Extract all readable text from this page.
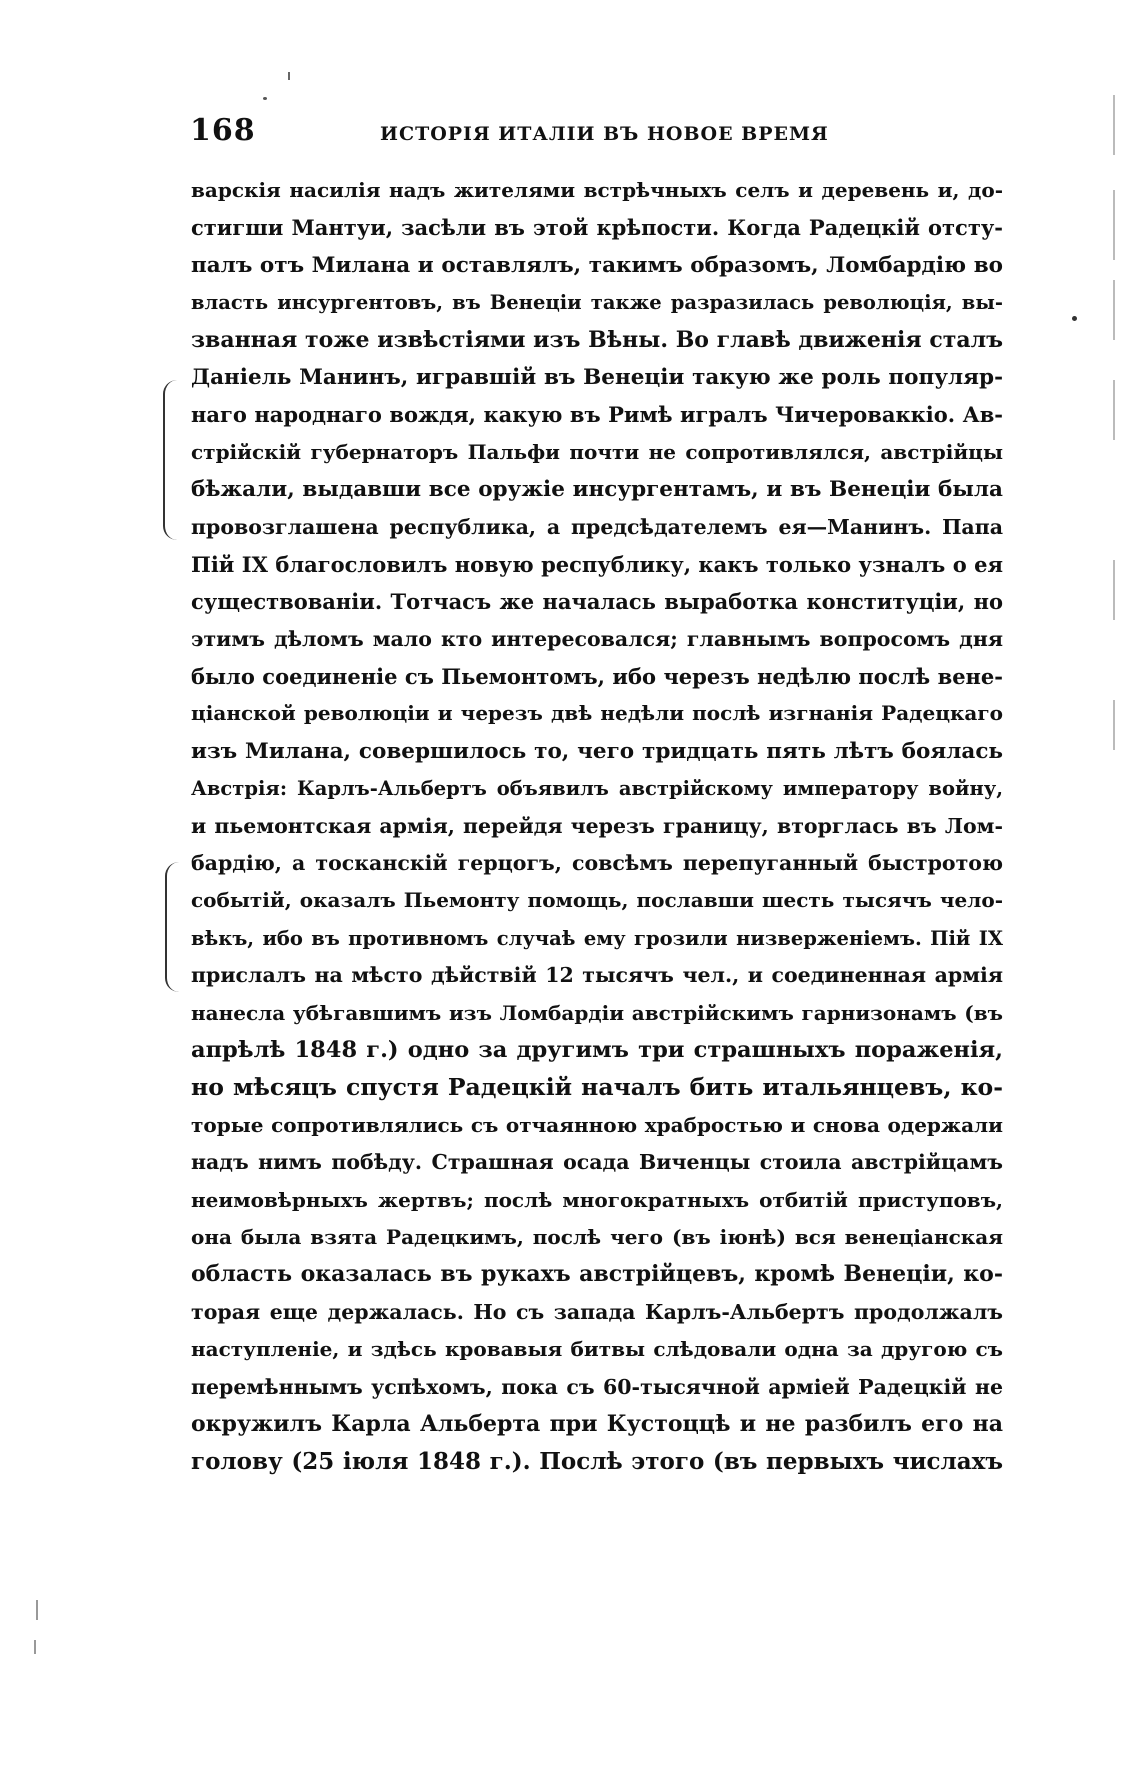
168	ИСТОРІЯ ИТАЛІИ ВЪ НОВОЕ ВРЕМЯ
варскія насилія надъ жителями встрѣчныхъ селъ и деревень и, до-
стигши Мантуи, засѣли въ этой крѣпости. Когда Радецкій отсту-
палъ отъ Милана и оставлялъ, такимъ образомъ, Ломбардію во
власть инсургентовъ, въ Венеціи также разразилась революція, вы-
званная тоже извѣстіями изъ Вѣны. Во главѣ движенія сталъ
Даніель Манинъ, игравшій въ Венеціи такую же роль популяр-
наго народнаго вождя, какую въ Римѣ игралъ Чичероваккіо. Ав-
стрійскій губернаторъ Пальфи почти не сопротивлялся, австрійцы
бѣжали, выдавши все оружіе инсургентамъ, и въ Венеціи была
провозглашена республика, а предсѣдателемъ ея—Манинъ. Папа
Пій IX благословилъ новую республику, какъ только узналъ о ея
существованіи. Тотчасъ же началась выработка конституціи, но
этимъ дѣломъ мало кто интересовался; главнымъ вопросомъ дня
было соединеніе съ Пьемонтомъ, ибо черезъ недѣлю послѣ вене-
ціанской революціи и черезъ двѣ недѣли послѣ изгнанія Радецкаго
изъ Милана, совершилось то, чего тридцать пять лѣтъ боялась
Австрія: Карлъ-Альбертъ объявилъ австрійскому императору войну,
и пьемонтская армія, перейдя черезъ границу, вторглась въ Лом-
бардію, а тосканскій герцогъ, совсѣмъ перепуганный быстротою
событій, оказалъ Пьемонту помощь, пославши шесть тысячъ чело-
вѣкъ, ибо въ противномъ случаѣ ему грозили низверженіемъ. Пій IX
прислалъ на мѣсто дѣйствій 12 тысячъ чел., и соединенная армія
нанесла убѣгавшимъ изъ Ломбардіи австрійскимъ гарнизонамъ (въ
апрѣлѣ 1848 г.) одно за другимъ три страшныхъ пораженія,
но мѣсяцъ спустя Радецкій началъ бить итальянцевъ, ко-
торые сопротивлялись съ отчаянною храбростью и снова одержали
надъ нимъ побѣду. Страшная осада Виченцы стоила австрійцамъ
неимовѣрныхъ жертвъ; послѣ многократныхъ отбитій приступовъ,
она была взята Радецкимъ, послѣ чего (въ іюнѣ) вся венеціанская
область оказалась въ рукахъ австрійцевъ, кромѣ Венеціи, ко-
торая еще держалась. Но съ запада Карлъ-Альбертъ продолжалъ
наступленіе, и здѣсь кровавыя битвы слѣдовали одна за другою съ
перемѣннымъ успѣхомъ, пока съ 60-тысячной арміей Радецкій не
окружилъ Карла Альберта при Кустоццѣ и не разбилъ его на
голову (25 іюля 1848 г.). Послѣ этого (въ первыхъ числахъ
